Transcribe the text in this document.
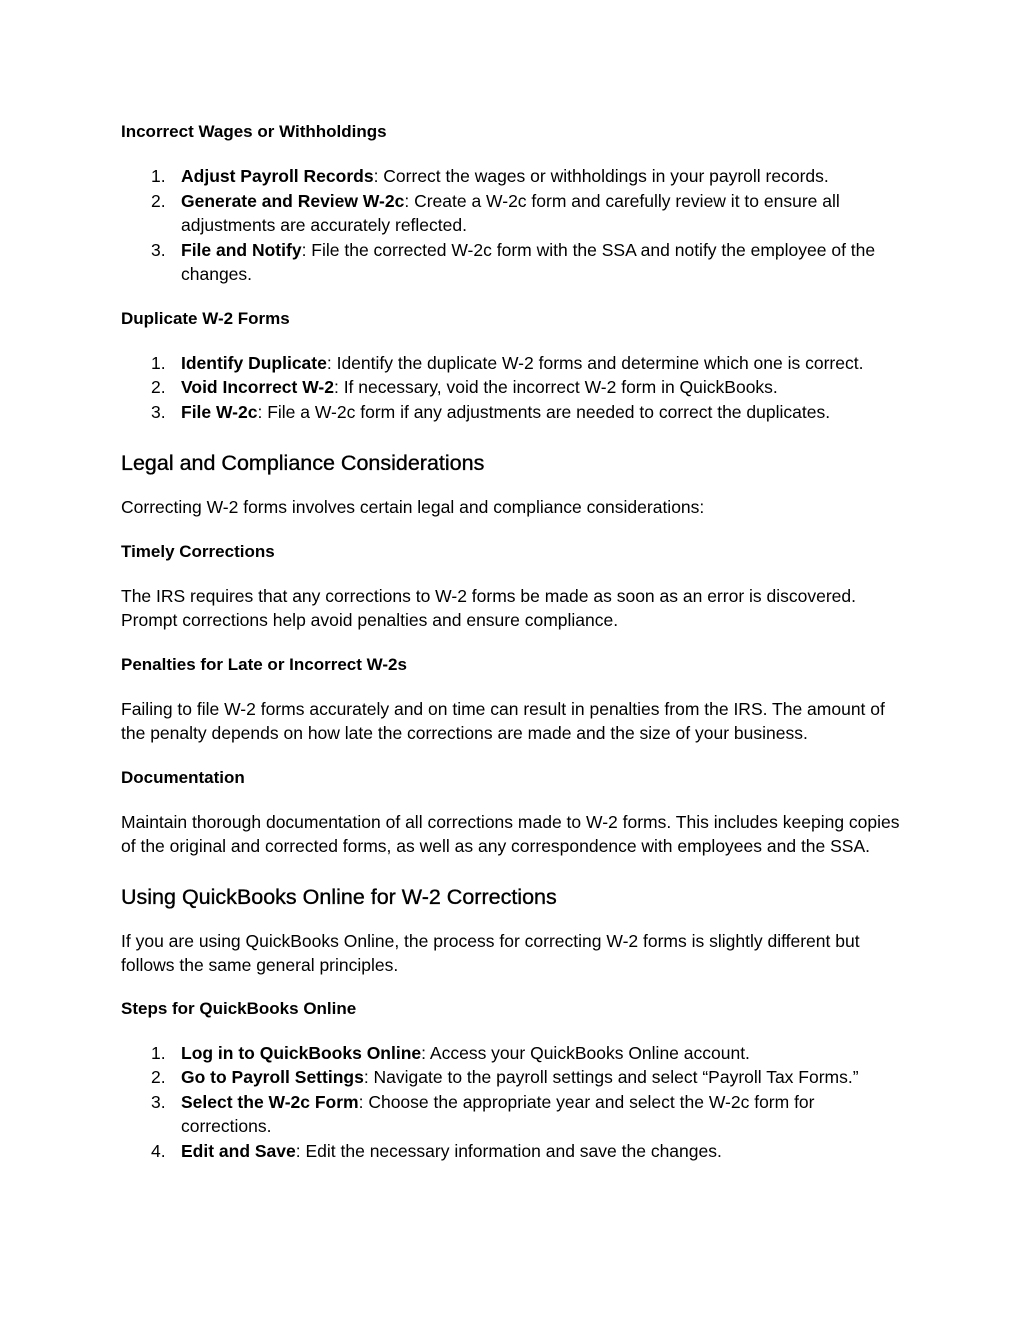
Incorrect Wages or Withholdings
1. Adjust Payroll Records: Correct the wages or withholdings in your payroll records.
2. Generate and Review W-2c: Create a W-2c form and carefully review it to ensure all adjustments are accurately reflected.
3. File and Notify: File the corrected W-2c form with the SSA and notify the employee of the changes.
Duplicate W-2 Forms
1. Identify Duplicate: Identify the duplicate W-2 forms and determine which one is correct.
2. Void Incorrect W-2: If necessary, void the incorrect W-2 form in QuickBooks.
3. File W-2c: File a W-2c form if any adjustments are needed to correct the duplicates.
Legal and Compliance Considerations

Correcting W-2 forms involves certain legal and compliance considerations:

Timely Corrections

The IRS requires that any corrections to W-2 forms be made as soon as an error is discovered. Prompt corrections help avoid penalties and ensure compliance.

Penalties for Late or Incorrect W-2s

Failing to file W-2 forms accurately and on time can result in penalties from the IRS. The amount of the penalty depends on how late the corrections are made and the size of your business.

Documentation

Maintain thorough documentation of all corrections made to W-2 forms. This includes keeping copies of the original and corrected forms, as well as any correspondence with employees and the SSA.

Using QuickBooks Online for W-2 Corrections

If you are using QuickBooks Online, the process for correcting W-2 forms is slightly different but follows the same general principles.

Steps for QuickBooks Online
1. Log in to QuickBooks Online: Access your QuickBooks Online account.
2. Go to Payroll Settings: Navigate to the payroll settings and select “Payroll Tax Forms.”
3. Select the W-2c Form: Choose the appropriate year and select the W-2c form for corrections.
4. Edit and Save: Edit the necessary information and save the changes.
